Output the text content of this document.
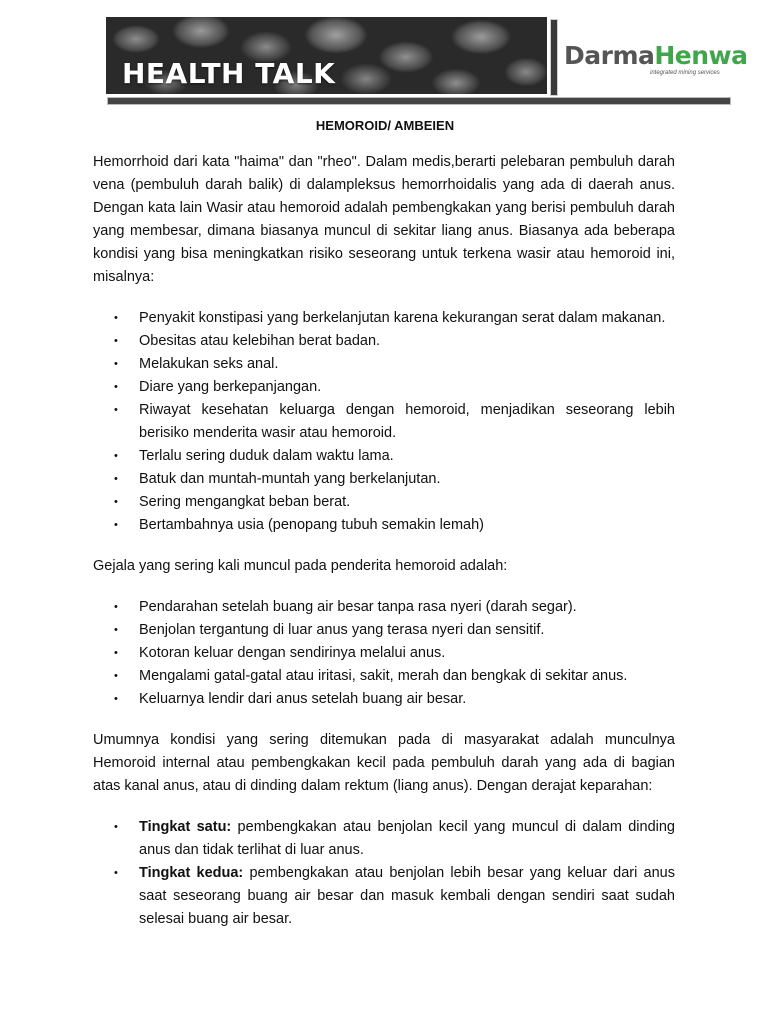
HEALTH TALK
DarmaHenwa
integrated mining services
HEMOROID/ AMBEIEN

Hemorrhoid dari kata "haima" dan "rheo". Dalam medis,berarti pelebaran pembuluh darah vena (pembuluh darah balik) di dalampleksus hemorrhoidalis yang ada di daerah anus. Dengan kata lain Wasir atau hemoroid adalah pembengkakan yang berisi pembuluh darah yang membesar, dimana biasanya muncul di sekitar liang anus. Biasanya ada beberapa kondisi yang bisa meningkatkan risiko seseorang untuk terkena wasir atau hemoroid ini, misalnya:

• Penyakit konstipasi yang berkelanjutan karena kekurangan serat dalam makanan.
• Obesitas atau kelebihan berat badan.
• Melakukan seks anal.
• Diare yang berkepanjangan.
• Riwayat kesehatan keluarga dengan hemoroid, menjadikan seseorang lebih berisiko menderita wasir atau hemoroid.
• Terlalu sering duduk dalam waktu lama.
• Batuk dan muntah-muntah yang berkelanjutan.
• Sering mengangkat beban berat.
• Bertambahnya usia (penopang tubuh semakin lemah)

Gejala yang sering kali muncul pada penderita hemoroid adalah:

• Pendarahan setelah buang air besar tanpa rasa nyeri (darah segar).
• Benjolan tergantung di luar anus yang terasa nyeri dan sensitif.
• Kotoran keluar dengan sendirinya melalui anus.
• Mengalami gatal-gatal atau iritasi, sakit, merah dan bengkak di sekitar anus.
• Keluarnya lendir dari anus setelah buang air besar.

Umumnya kondisi yang sering ditemukan pada di masyarakat adalah munculnya Hemoroid internal atau pembengkakan kecil pada pembuluh darah yang ada di bagian atas kanal anus, atau di dinding dalam rektum (liang anus). Dengan derajat keparahan:

• Tingkat satu: pembengkakan atau benjolan kecil yang muncul di dalam dinding anus dan tidak terlihat di luar anus.
• Tingkat kedua: pembengkakan atau benjolan lebih besar yang keluar dari anus saat seseorang buang air besar dan masuk kembali dengan sendiri saat sudah selesai buang air besar.
